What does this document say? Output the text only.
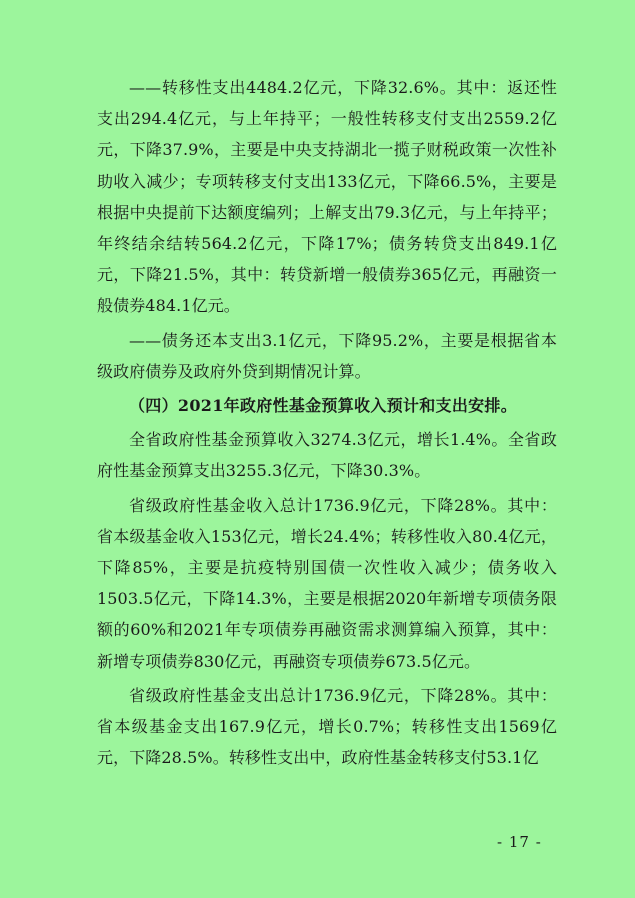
——转移性支出4484.2亿元，下降32.6%。其中：返还性支出294.4亿元，与上年持平；一般性转移支付支出2559.2亿元，下降37.9%，主要是中央支持湖北一揽子财税政策一次性补助收入减少；专项转移支付支出133亿元，下降66.5%，主要是根据中央提前下达额度编列；上解支出79.3亿元，与上年持平；年终结余结转564.2亿元，下降17%；债务转贷支出849.1亿元，下降21.5%，其中：转贷新增一般债券365亿元，再融资一般债券484.1亿元。

——债务还本支出3.1亿元，下降95.2%，主要是根据省本级政府债券及政府外贷到期情况计算。

（四）2021年政府性基金预算收入预计和支出安排。

全省政府性基金预算收入3274.3亿元，增长1.4%。全省政府性基金预算支出3255.3亿元，下降30.3%。

省级政府性基金收入总计1736.9亿元，下降28%。其中：省本级基金收入153亿元，增长24.4%；转移性收入80.4亿元，下降85%，主要是抗疫特别国债一次性收入减少；债务收入1503.5亿元，下降14.3%，主要是根据2020年新增专项债务限额的60%和2021年专项债券再融资需求测算编入预算，其中：新增专项债券830亿元，再融资专项债券673.5亿元。

省级政府性基金支出总计1736.9亿元，下降28%。其中：省本级基金支出167.9亿元，增长0.7%；转移性支出1569亿元，下降28.5%。转移性支出中，政府性基金转移支付53.1亿

- 17 -
